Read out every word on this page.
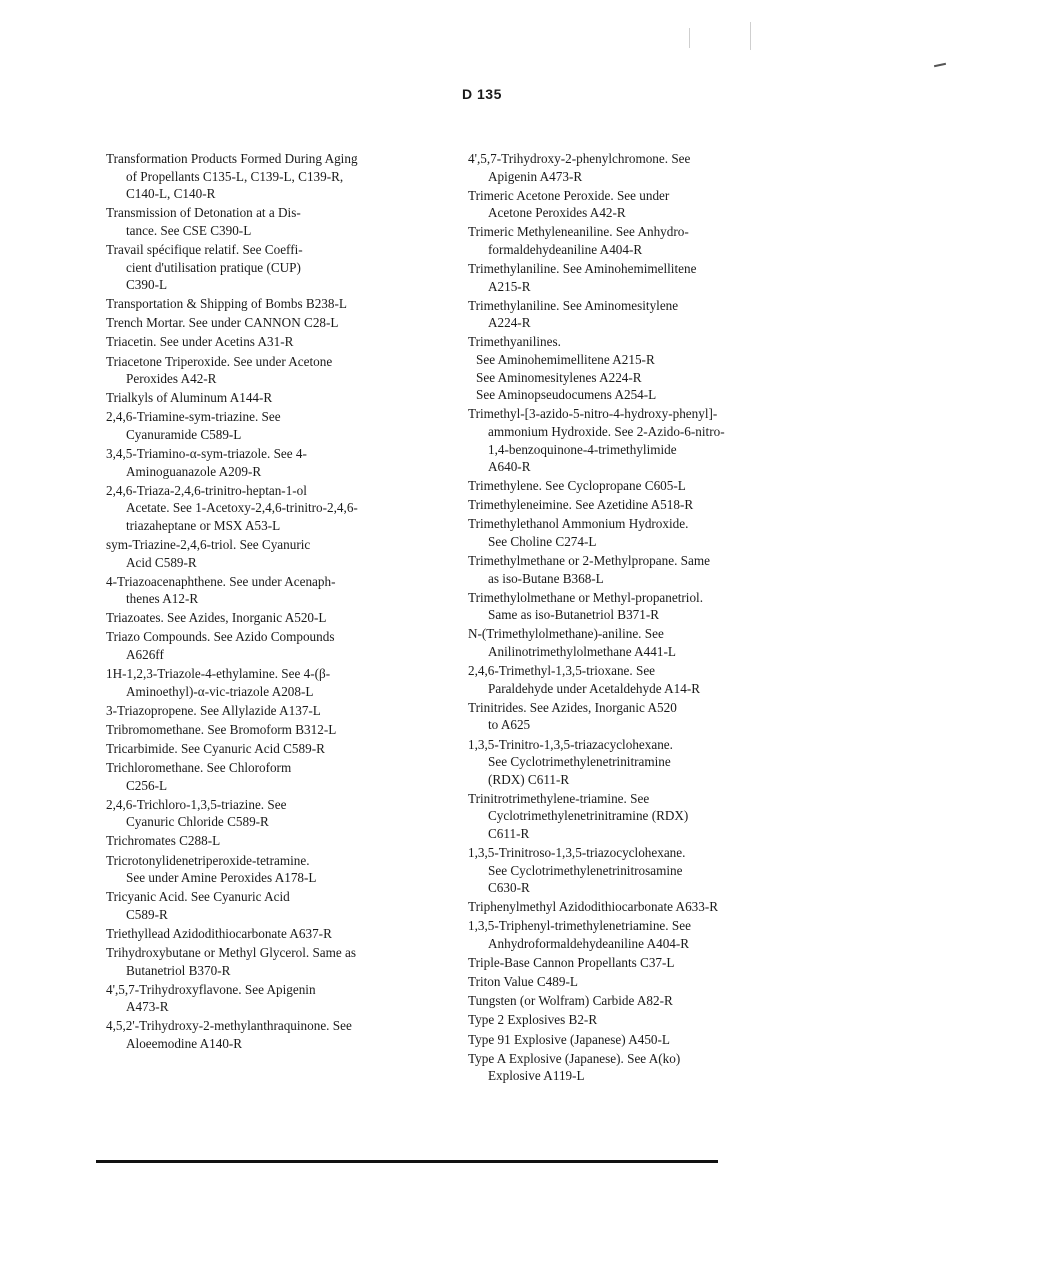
D 135
Transformation Products Formed During Aging
of Propellants C135-L, C139-L, C139-R,
C140-L, C140-R
Transmission of Detonation at a Dis-
tance. See CSE C390-L
Travail spécifique relatif. See Coeffi-
cient d'utilisation pratique (CUP)
C390-L
Transportation & Shipping of Bombs B238-L
Trench Mortar. See under CANNON C28-L
Triacetin. See under Acetins A31-R
Triacetone Triperoxide. See under Acetone
Peroxides A42-R
Trialkyls of Aluminum A144-R
2,4,6-Triamine-sym-triazine. See
Cyanuramide C589-L
3,4,5-Triamino-α-sym-triazole. See 4-
Aminoguanazole A209-R
2,4,6-Triaza-2,4,6-trinitro-heptan-1-ol
Acetate. See 1-Acetoxy-2,4,6-trinitro-2,4,6-
triazaheptane or MSX A53-L
sym-Triazine-2,4,6-triol. See Cyanuric
Acid C589-R
4-Triazoacenaphthene. See under Acenaph-
thenes A12-R
Triazoates. See Azides, Inorganic A520-L
Triazo Compounds. See Azido Compounds
A626ff
1H-1,2,3-Triazole-4-ethylamine. See 4-(β-
Aminoethyl)-α-vic-triazole A208-L
3-Triazopropene. See Allylazide A137-L
Tribromomethane. See Bromoform B312-L
Tricarbimide. See Cyanuric Acid C589-R
Trichloromethane. See Chloroform
C256-L
2,4,6-Trichloro-1,3,5-triazine. See
Cyanuric Chloride C589-R
Trichromates C288-L
Tricrotonylidenetriperoxide-tetramine.
See under Amine Peroxides A178-L
Tricyanic Acid. See Cyanuric Acid
C589-R
Triethyllead Azidodithiocarbonate A637-R
Trihydroxybutane or Methyl Glycerol. Same as
Butanetriol B370-R
4',5,7-Trihydroxyflavone. See Apigenin
A473-R
4,5,2'-Trihydroxy-2-methylanthraquinone. See
Aloeemodine A140-R
4',5,7-Trihydroxy-2-phenylchromone. See
Apigenin A473-R
Trimeric Acetone Peroxide. See under
Acetone Peroxides A42-R
Trimeric Methyleneaniline. See Anhydro-
formaldehydeaniline A404-R
Trimethylaniline. See Aminohemimellitene
A215-R
Trimethylaniline. See Aminomesitylene
A224-R
Trimethyanilines.
See Aminohemimellitene A215-R
See Aminomesitylenes A224-R
See Aminopseudocumens A254-L
Trimethyl-[3-azido-5-nitro-4-hydroxy-phenyl]-
ammonium Hydroxide. See 2-Azido-6-nitro-
1,4-benzoquinone-4-trimethylimide
A640-R
Trimethylene. See Cyclopropane C605-L
Trimethyleneimine. See Azetidine A518-R
Trimethylethanol Ammonium Hydroxide.
See Choline C274-L
Trimethylmethane or 2-Methylpropane. Same
as iso-Butane B368-L
Trimethylolmethane or Methyl-propanetriol.
Same as iso-Butanetriol B371-R
N-(Trimethylolmethane)-aniline. See
Anilinotrimethylolmethane A441-L
2,4,6-Trimethyl-1,3,5-trioxane. See
Paraldehyde under Acetaldehyde A14-R
Trinitrides. See Azides, Inorganic A520
to A625
1,3,5-Trinitro-1,3,5-triazacyclohexane.
See Cyclotrimethylenetrinitramine
(RDX) C611-R
Trinitrotrimethylene-triamine. See
Cyclotrimethylenetrinitramine (RDX)
C611-R
1,3,5-Trinitroso-1,3,5-triazocyclohexane.
See Cyclotrimethylenetrinitrosamine
C630-R
Triphenylmethyl Azidodithiocarbonate A633-R
1,3,5-Triphenyl-trimethylenetriamine. See
Anhydroformaldehydeaniline A404-R
Triple-Base Cannon Propellants C37-L
Triton Value C489-L
Tungsten (or Wolfram) Carbide A82-R
Type 2 Explosives B2-R
Type 91 Explosive (Japanese) A450-L
Type A Explosive (Japanese). See A(ko)
Explosive A119-L
